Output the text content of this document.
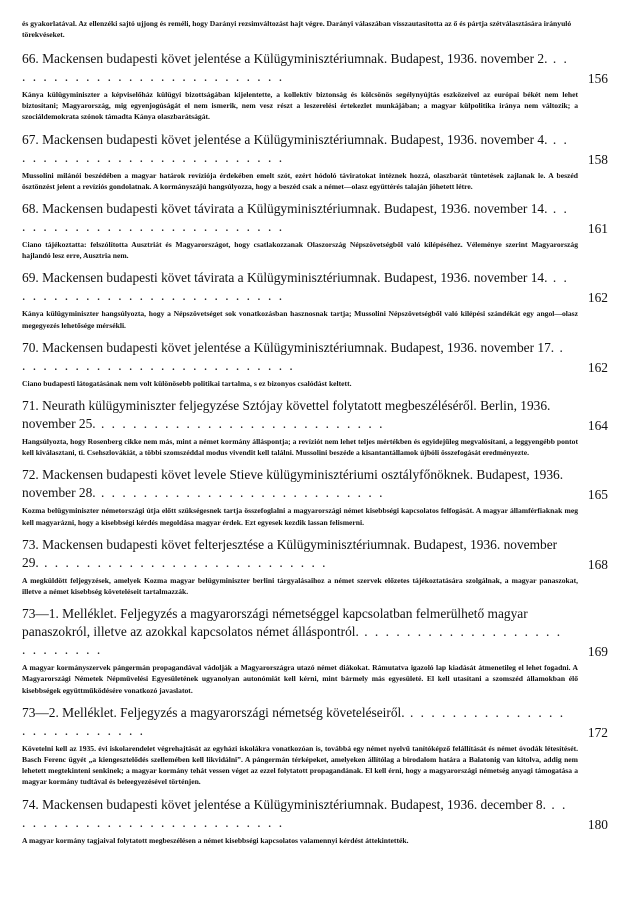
és gyakorlatával. Az ellenzéki sajtó ujjong és reméli, hogy Darányi rezsimváltozást hajt végre. Darányi válaszában visszautasította az ő és pártja szétválasztására irányuló törekvéseket.
66. Mackensen budapesti követ jelentése a Külügyminisztériumnak. Budapest, 1936. november 2. . . . . . . . . . . . . . . . . . . . . . . . . . . .	156
Kánya külügyminiszter a képviselőház külügyi bizottságában kijelentette, a kollektív biztonság és kölcsönös segélynyújtás eszközeivel az európai békét nem lehet biztosítani; Magyarország, mig egyenjogúságát el nem ismerik, nem vesz részt a leszerelési értekezlet munkájában; a magyar külpolitika iránya nem változik; a szociáldemokrata szónok támadta Kánya olaszbarátságát.
67. Mackensen budapesti követ jelentése a Külügyminisztériumnak. Budapest, 1936. november 4. . . . . . . . . . . . . . . . . . . . . . . . . . . .	158
Mussolini milánói beszédében a magyar határok revíziója érdekében emelt szót, ezért hódoló táviratokat intéznek hozzá, olaszbarát tüntetések zajlanak le. A beszéd ösztönzést jelent a revíziós gondolatnak. A kormányszájú hangsúlyozza, hogy a beszéd csak a német—olasz együttérés talaján jöhetett létre.
68. Mackensen budapesti követ távirata a Külügyminisztériumnak. Budapest, 1936. november 14. . . . . . . . . . . . . . . . . . . . . . . . . . . .	161
Ciano tájékoztatta: felszólította Ausztriát és Magyarországot, hogy csatlakozzanak Olaszország Népszövetségből való kilépéséhez. Véleménye szerint Magyarország hajlandó lesz erre, Ausztria nem.
69. Mackensen budapesti követ távirata a Külügyminisztériumnak. Budapest, 1936. november 14. . . . . . . . . . . . . . . . . . . . . . . . . . . .	162
Kánya külügyminiszter hangsúlyozta, hogy a Népszövetséget sok vonatkozásban hasznosnak tartja; Mussolini Népszövetségből való kilépési szándékát egy angol—olasz megegyezés lehetősége mérsékli.
70. Mackensen budapesti követ jelentése a Külügyminisztériumnak. Budapest, 1936. november 17. . . . . . . . . . . . . . . . . . . . . . . . . . . .	162
Ciano budapesti látogatásának nem volt különösebb politikai tartalma, s ez bizonyos csalódást keltett.
71. Neurath külügyminiszter feljegyzése Sztójay követtel folytatott megbeszéléséről. Berlin, 1936. november 25. . . . . . . . . . . . . . . . . . . . . . . . . . . .	164
Hangsúlyozta, hogy Rosenberg cikke nem más, mint a német kormány álláspontja; a revíziót nem lehet teljes mértékben és egyidejűleg megvalósítani, a leggyengébb pontot kell kiválasztani, ti. Csehszlovákiát, a többi szomszéddal modus vivendit kell találni. Mussolini beszéde a kisantantállamok újbóli összefogását eredményezte.
72. Mackensen budapesti követ levele Stieve külügyminisztériumi osztályfőnöknek. Budapest, 1936. november 28. . . . . . . . . . . . . . . . . . . . . . . . . . . .	165
Kozma belügyminiszter németországi útja előtt szükségesnek tartja összefoglalni a magyarországi német kisebbségi kapcsolatos felfogását. A magyar államférfiaknak meg kell magyarázni, hogy a kisebbségi kérdés megoldása magyar érdek. Ezt egyesek kezdik lassan felismerni.
73. Mackensen budapesti követ felterjesztése a Külügyminisztériumnak. Budapest, 1936. november 29. . . . . . . . . . . . . . . . . . . . . . . . . . . .	168
A megküldött feljegyzések, amelyek Kozma magyar belügyminiszter berlini tárgyalásaihoz a német szervek előzetes tájékoztatására szolgálnak, a magyar panaszokat, illetve a német kisebbség követeléseit tartalmazzák.
73—1. Melléklet. Feljegyzés a magyarországi németséggel kapcsolatban felmerülhető magyar panaszokról, illetve az azokkal kapcsolatos német álláspontról. . . . . . . . . . . . . . . . . . . . . . . . . . . .	169
A magyar kormányszervek pángermán propagandával vádolják a Magyarországra utazó német diákokat. Rámutatva igazoló lap kiadását átmenetileg el lehet fogadni. A Magyarországi Németek Népművelési Egyesületének ugyanolyan autonómiát kell kérni, mint bármely más egyesületé. El kell utasítani a szomszéd államokban élő kisebbségek együttműködésére vonatkozó javaslatot.
73—2. Melléklet. Feljegyzés a magyarországi németség követeléseiről. . . . . . . . . . . . . . . . . . . . . . . . . . . .	172
Követelni kell az 1935. évi iskolarendelet végrehajtását az egyházi iskolákra vonatkozóan is, továbbá egy német nyelvű tanítóképző felállítását és német óvodák létesítését. Basch Ferenc ügyét „a kiengesztelődés szellemében kell likvidálni”. A pángermán térképeket, amelyeken állítólag a birodalom határa a Balatonig van kitolva, addig nem lehetett megtekinteni senkinek; a magyar kormány tehát vessen véget az ezzel folytatott propagandának. El kell érni, hogy a magyarországi németség anyagi támogatása a magyar kormány tudtával és beleegyezésével történjen.
74. Mackensen budapesti követ jelentése a Külügyminisztériumnak. Budapest, 1936. december 8. . . . . . . . . . . . . . . . . . . . . . . . . . . .	180
A magyar kormány tagjaival folytatott megbeszélésen a német kisebbségi kapcsolatos valamennyi kérdést áttekintették.
